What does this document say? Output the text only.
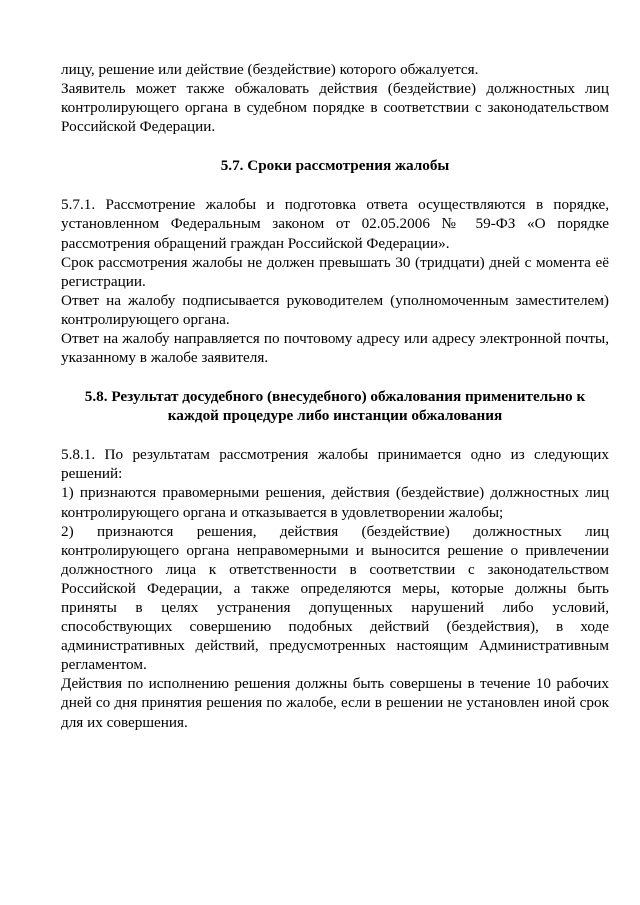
лицу, решение или действие (бездействие) которого обжалуется.

Заявитель может также обжаловать действия (бездействие) должностных лиц контролирующего органа в судебном порядке в соответствии с законодательством Российской Федерации.

5.7. Сроки рассмотрения жалобы

5.7.1. Рассмотрение жалобы и подготовка ответа осуществляются в порядке, установленном Федеральным законом от 02.05.2006 № 59-ФЗ «О порядке рассмотрения обращений граждан Российской Федерации».

Срок рассмотрения жалобы не должен превышать 30 (тридцати) дней с момента её регистрации.

Ответ на жалобу подписывается руководителем (уполномоченным заместителем) контролирующего органа.

Ответ на жалобу направляется по почтовому адресу или адресу электронной почты, указанному в жалобе заявителя.

5.8. Результат досудебного (внесудебного) обжалования применительно к
каждой процедуре либо инстанции обжалования

5.8.1. По результатам рассмотрения жалобы принимается одно из следующих решений:

1) признаются правомерными решения, действия (бездействие) должностных лиц контролирующего органа и отказывается в удовлетворении жалобы;

2) признаются решения, действия (бездействие) должностных лиц контролирующего органа неправомерными и выносится решение о привлечении должностного лица к ответственности в соответствии с законодательством Российской Федерации, а также определяются меры, которые должны быть приняты в целях устранения допущенных нарушений либо условий, способствующих совершению подобных действий (бездействия), в ходе административных действий, предусмотренных настоящим Административным регламентом.

Действия по исполнению решения должны быть совершены в течение 10 рабочих дней со дня принятия решения по жалобе, если в решении не установлен иной срок для их совершения.
